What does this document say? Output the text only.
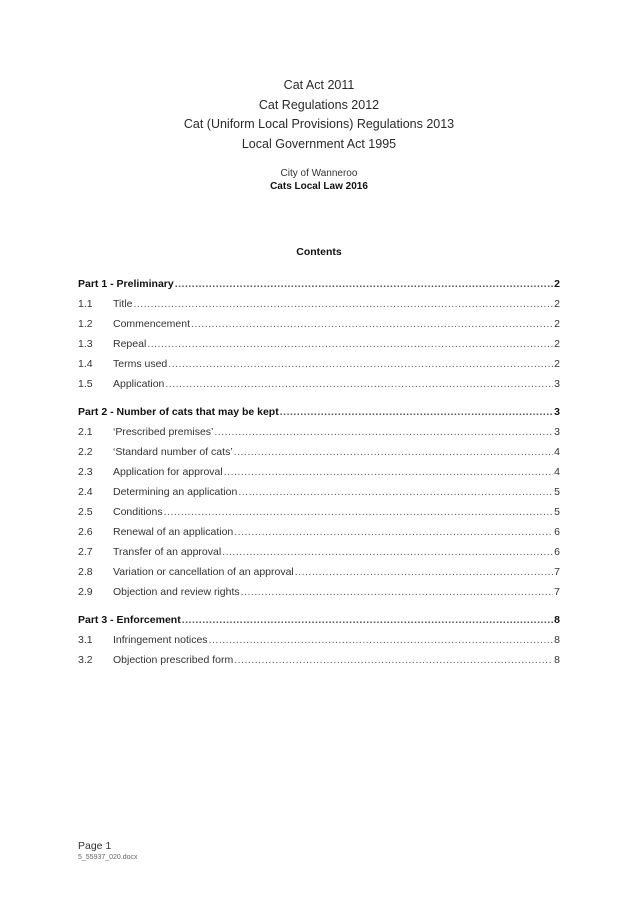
Cat Act 2011
Cat Regulations 2012
Cat (Uniform Local Provisions) Regulations 2013
Local Government Act 1995
City of Wanneroo
Cats Local Law 2016
Contents
Part 1 - Preliminary .....	2
1.1	Title .....	2
1.2	Commencement .....	2
1.3	Repeal .....	2
1.4	Terms used .....	2
1.5	Application .....	3
Part 2 - Number of cats that may be kept .....	3
2.1	‘Prescribed premises’ .....	3
2.2	‘Standard number of cats’ .....	4
2.3	Application for approval .....	4
2.4	Determining an application .....	5
2.5	Conditions .....	5
2.6	Renewal of an application .....	6
2.7	Transfer of an approval .....	6
2.8	Variation or cancellation of an approval .....	7
2.9	Objection and review rights .....	7
Part 3 - Enforcement .....	8
3.1	Infringement notices .....	8
3.2	Objection prescribed form .....	8
Page 1
5_55937_020.docx
